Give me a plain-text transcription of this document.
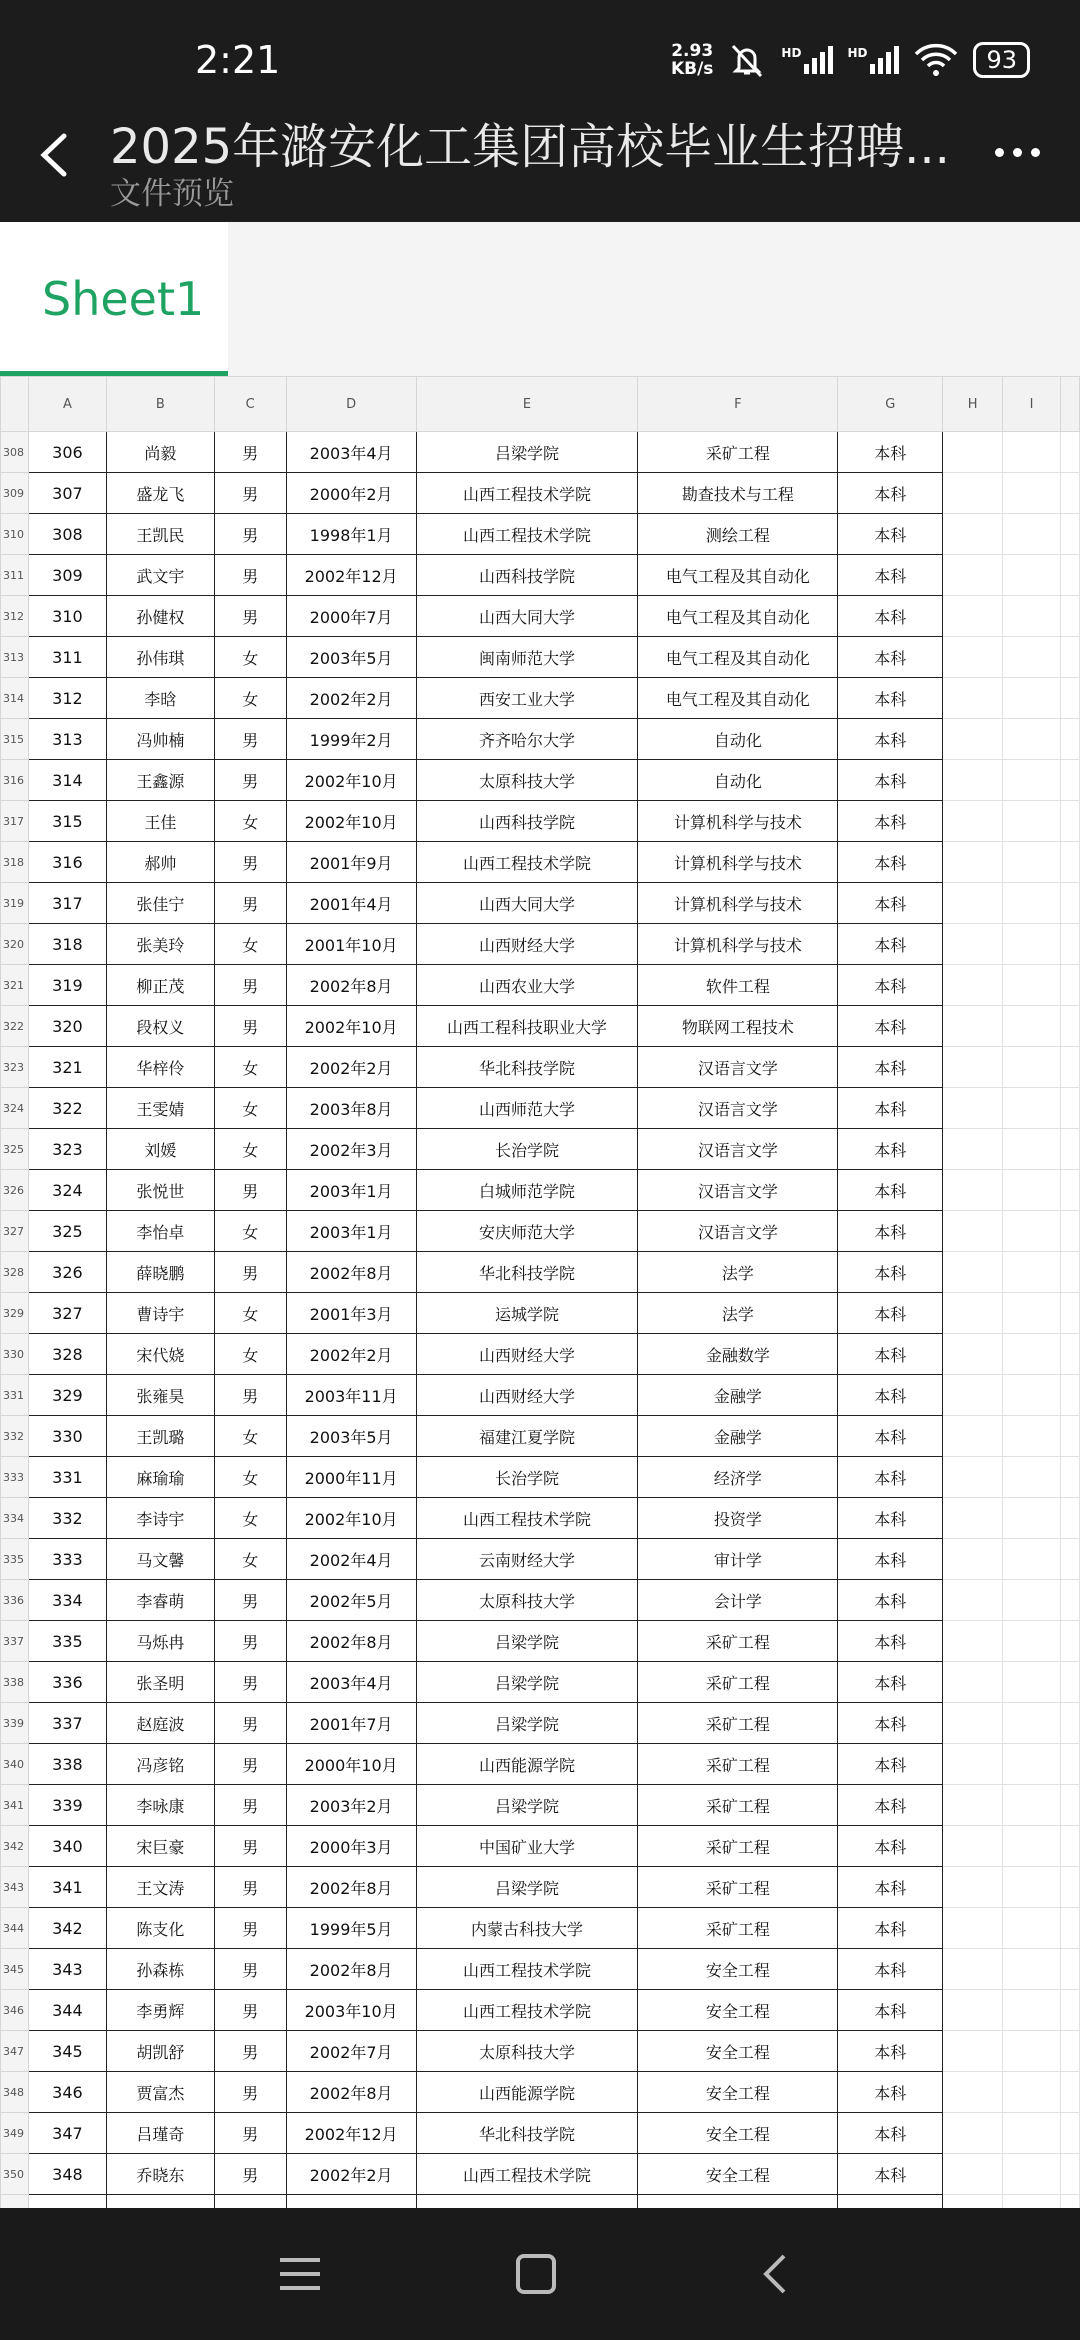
2:21	2.93
KB/s
HD	HD	93
2025年潞安化工集团高校毕业生招聘...
文件预览
Sheet1
	A	B	C	D	E	F	G	H	I	
308	306	尚毅	男	2003年4月	吕梁学院	采矿工程	本科			
309	307	盛龙飞	男	2000年2月	山西工程技术学院	勘查技术与工程	本科			
310	308	王凯民	男	1998年1月	山西工程技术学院	测绘工程	本科			
311	309	武文宇	男	2002年12月	山西科技学院	电气工程及其自动化	本科			
312	310	孙健权	男	2000年7月	山西大同大学	电气工程及其自动化	本科			
313	311	孙伟琪	女	2003年5月	闽南师范大学	电气工程及其自动化	本科			
314	312	李晗	女	2002年2月	西安工业大学	电气工程及其自动化	本科			
315	313	冯帅楠	男	1999年2月	齐齐哈尔大学	自动化	本科			
316	314	王鑫源	男	2002年10月	太原科技大学	自动化	本科			
317	315	王佳	女	2002年10月	山西科技学院	计算机科学与技术	本科			
318	316	郝帅	男	2001年9月	山西工程技术学院	计算机科学与技术	本科			
319	317	张佳宁	男	2001年4月	山西大同大学	计算机科学与技术	本科			
320	318	张美玲	女	2001年10月	山西财经大学	计算机科学与技术	本科			
321	319	柳正茂	男	2002年8月	山西农业大学	软件工程	本科			
322	320	段权义	男	2002年10月	山西工程科技职业大学	物联网工程技术	本科			
323	321	华梓伶	女	2002年2月	华北科技学院	汉语言文学	本科			
324	322	王雯婧	女	2003年8月	山西师范大学	汉语言文学	本科			
325	323	刘媛	女	2002年3月	长治学院	汉语言文学	本科			
326	324	张悦世	男	2003年1月	白城师范学院	汉语言文学	本科			
327	325	李怡卓	女	2003年1月	安庆师范大学	汉语言文学	本科			
328	326	薛晓鹏	男	2002年8月	华北科技学院	法学	本科			
329	327	曹诗宇	女	2001年3月	运城学院	法学	本科			
330	328	宋代娆	女	2002年2月	山西财经大学	金融数学	本科			
331	329	张雍昊	男	2003年11月	山西财经大学	金融学	本科			
332	330	王凯璐	女	2003年5月	福建江夏学院	金融学	本科			
333	331	麻瑜瑜	女	2000年11月	长治学院	经济学	本科			
334	332	李诗宇	女	2002年10月	山西工程技术学院	投资学	本科			
335	333	马文馨	女	2002年4月	云南财经大学	审计学	本科			
336	334	李睿萌	男	2002年5月	太原科技大学	会计学	本科			
337	335	马烁冉	男	2002年8月	吕梁学院	采矿工程	本科			
338	336	张圣明	男	2003年4月	吕梁学院	采矿工程	本科			
339	337	赵庭波	男	2001年7月	吕梁学院	采矿工程	本科			
340	338	冯彦铭	男	2000年10月	山西能源学院	采矿工程	本科			
341	339	李咏康	男	2003年2月	吕梁学院	采矿工程	本科			
342	340	宋巨豪	男	2000年3月	中国矿业大学	采矿工程	本科			
343	341	王文涛	男	2002年8月	吕梁学院	采矿工程	本科			
344	342	陈支化	男	1999年5月	内蒙古科技大学	采矿工程	本科			
345	343	孙森栋	男	2002年8月	山西工程技术学院	安全工程	本科			
346	344	李勇辉	男	2003年10月	山西工程技术学院	安全工程	本科			
347	345	胡凯舒	男	2002年7月	太原科技大学	安全工程	本科			
348	346	贾富杰	男	2002年8月	山西能源学院	安全工程	本科			
349	347	吕瑾奇	男	2002年12月	华北科技学院	安全工程	本科			
350	348	乔晓东	男	2002年2月	山西工程技术学院	安全工程	本科			
